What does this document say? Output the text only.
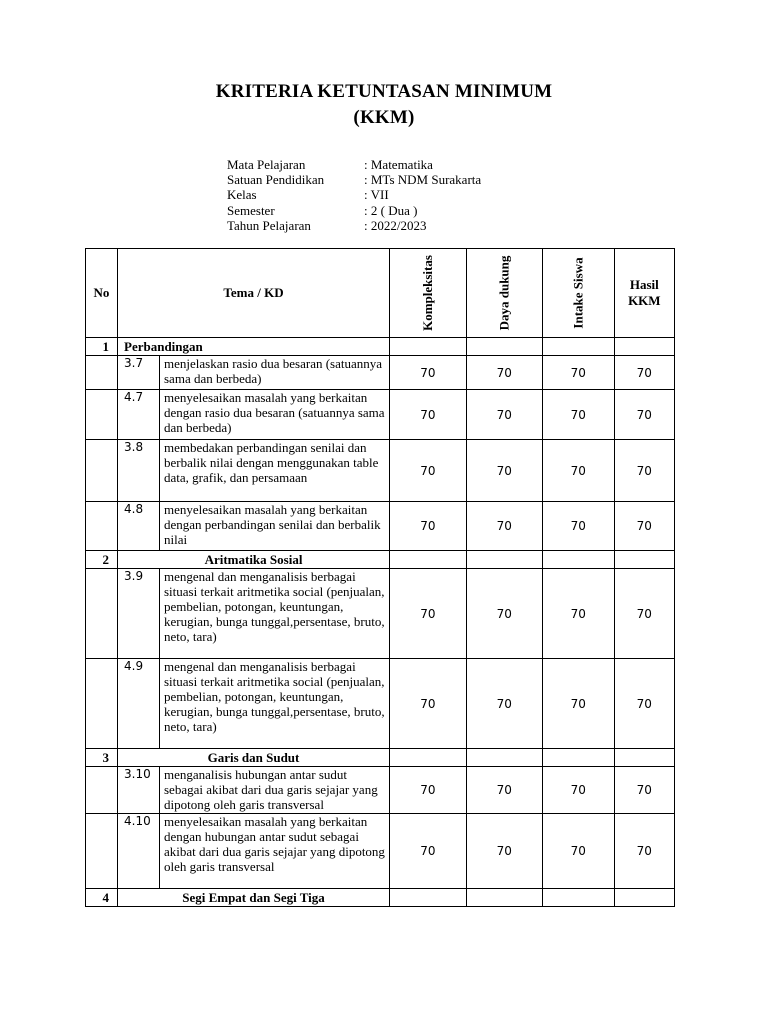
KRITERIA KETUNTASAN MINIMUM
(KKM)
Mata Pelajaran	: Matematika
Satuan Pendidikan	: MTs NDM Surakarta
Kelas	: VII
Semester	: 2 ( Dua )
Tahun Pelajaran	: 2022/2023
No	Tema / KD		Kompleksitas	Daya dukung	Intake Siswa	Hasil
KKM

1	Perbandingan					
	3.7	menjelaskan rasio dua besaran (satuannya sama dan berbeda)	70	70	70	70
	4.7	menyelesaikan masalah yang berkaitan dengan rasio dua besaran (satuannya sama dan berbeda)	70	70	70	70
	3.8	membedakan perbandingan senilai dan berbalik nilai dengan menggunakan table data, grafik, dan persamaan	70	70	70	70
	4.8	menyelesaikan masalah yang berkaitan dengan perbandingan senilai dan berbalik nilai	70	70	70	70
2	Aritmatika Sosial					
	3.9	mengenal dan menganalisis berbagai situasi terkait aritmetika social (penjualan, pembelian, potongan, keuntungan, kerugian, bunga tunggal,persentase, bruto, neto, tara)	70	70	70	70
	4.9	mengenal dan menganalisis berbagai situasi terkait aritmetika social (penjualan, pembelian, potongan, keuntungan, kerugian, bunga tunggal,persentase, bruto, neto, tara)	70	70	70	70
3	Garis dan Sudut					
	3.10	menganalisis hubungan antar sudut sebagai akibat dari dua garis sejajar yang dipotong oleh garis transversal	70	70	70	70
	4.10	menyelesaikan masalah yang berkaitan dengan hubungan antar sudut sebagai akibat dari dua garis sejajar yang dipotong oleh garis transversal	70	70	70	70
4	Segi Empat dan Segi Tiga					
